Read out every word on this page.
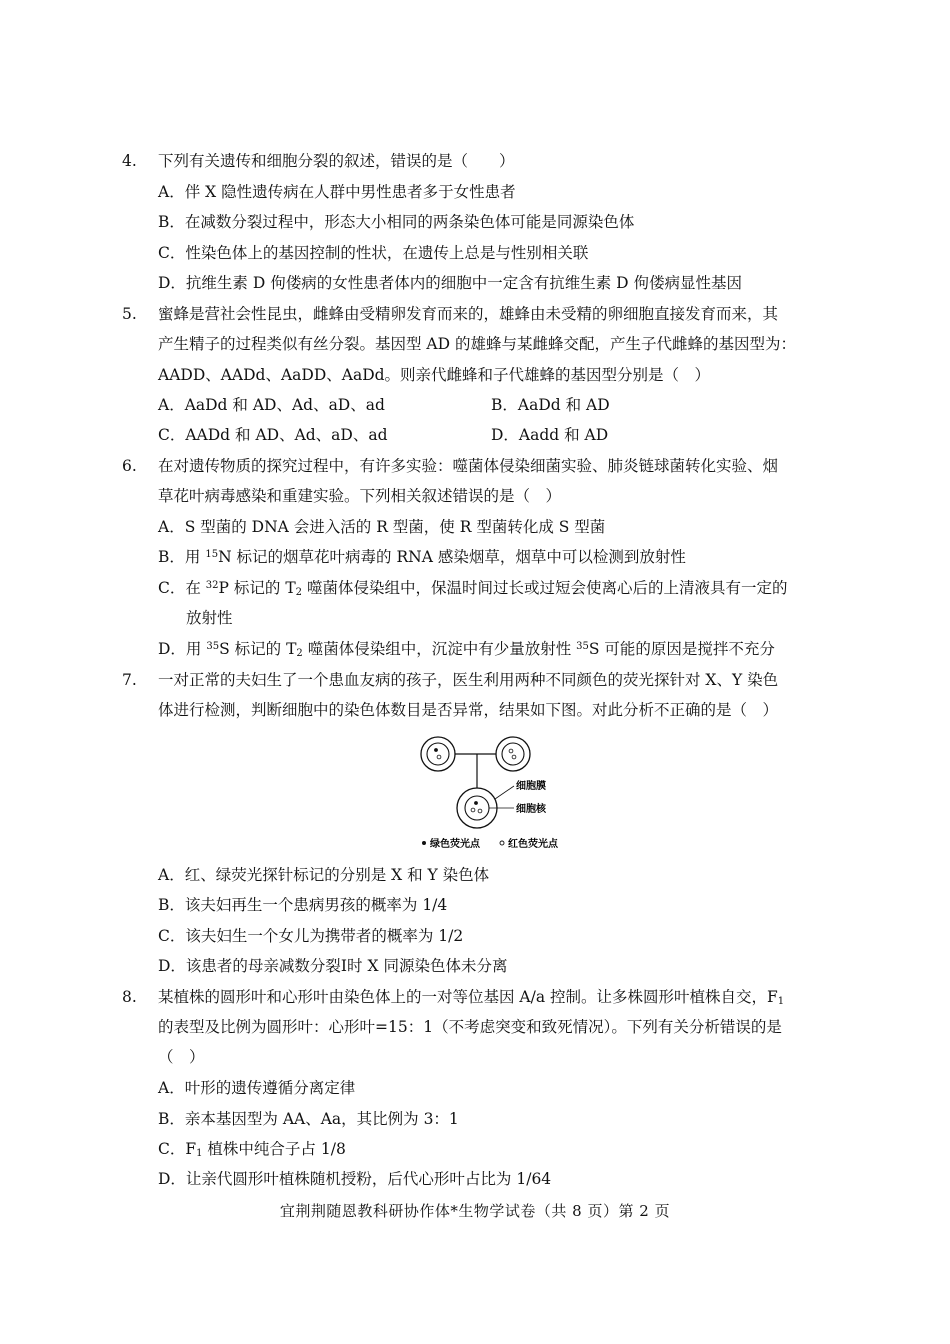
4. 下列有关遗传和细胞分裂的叙述，错误的是（　　）
A．伴 X 隐性遗传病在人群中男性患者多于女性患者
B．在减数分裂过程中，形态大小相同的两条染色体可能是同源染色体
C．性染色体上的基因控制的性状，在遗传上总是与性别相关联
D．抗维生素 D 佝偻病的女性患者体内的细胞中一定含有抗维生素 D 佝偻病显性基因
5. 蜜蜂是营社会性昆虫，雌蜂由受精卵发育而来的，雄蜂由未受精的卵细胞直接发育而来，其
产生精子的过程类似有丝分裂。基因型 AD 的雄蜂与某雌蜂交配，产生子代雌蜂的基因型为：
AADD、AADd、AaDD、AaDd。则亲代雌蜂和子代雄蜂的基因型分别是（　）
A．AaDd 和 AD、Ad、aD、ad	B．AaDd 和 AD
C．AADd 和 AD、Ad、aD、ad	D．Aadd 和 AD
6. 在对遗传物质的探究过程中，有许多实验：噬菌体侵染细菌实验、肺炎链球菌转化实验、烟
草花叶病毒感染和重建实验。下列相关叙述错误的是（　）
A．S 型菌的 DNA 会进入活的 R 型菌，使 R 型菌转化成 S 型菌
B．用 $^{15}$N 标记的烟草花叶病毒的 RNA 感染烟草，烟草中可以检测到放射性
C．在 $^{32}$P 标记的 $T_2$ 噬菌体侵染组中，保温时间过长或过短会使离心后的上清液具有一定的
放射性
D．用 $^{35}$S 标记的 $T_2$ 噬菌体侵染组中，沉淀中有少量放射性 $^{35}$S 可能的原因是搅拌不充分
7. 一对正常的夫妇生了一个患血友病的孩子，医生利用两种不同颜色的荧光探针对 X、Y 染色
体进行检测，判断细胞中的染色体数目是否异常，结果如下图。对此分析不正确的是（　）
细胞膜
细胞核
绿色荧光点	红色荧光点
A．红、绿荧光探针标记的分别是 X 和 Y 染色体
B．该夫妇再生一个患病男孩的概率为 1/4
C．该夫妇生一个女儿为携带者的概率为 1/2
D．该患者的母亲减数分裂Ⅰ时 X 同源染色体未分离
8. 某植株的圆形叶和心形叶由染色体上的一对等位基因 A/a 控制。让多株圆形叶植株自交，$F_1$
的表型及比例为圆形叶：心形叶=15：1（不考虑突变和致死情况）。下列有关分析错误的是
（　）
A．叶形的遗传遵循分离定律
B．亲本基因型为 AA、Aa，其比例为 3：1
C．$F_1$ 植株中纯合子占 1/8
D．让亲代圆形叶植株随机授粉，后代心形叶占比为 1/64
宜荆荆随恩教科研协作体*生物学试卷（共 8 页）第 2 页
